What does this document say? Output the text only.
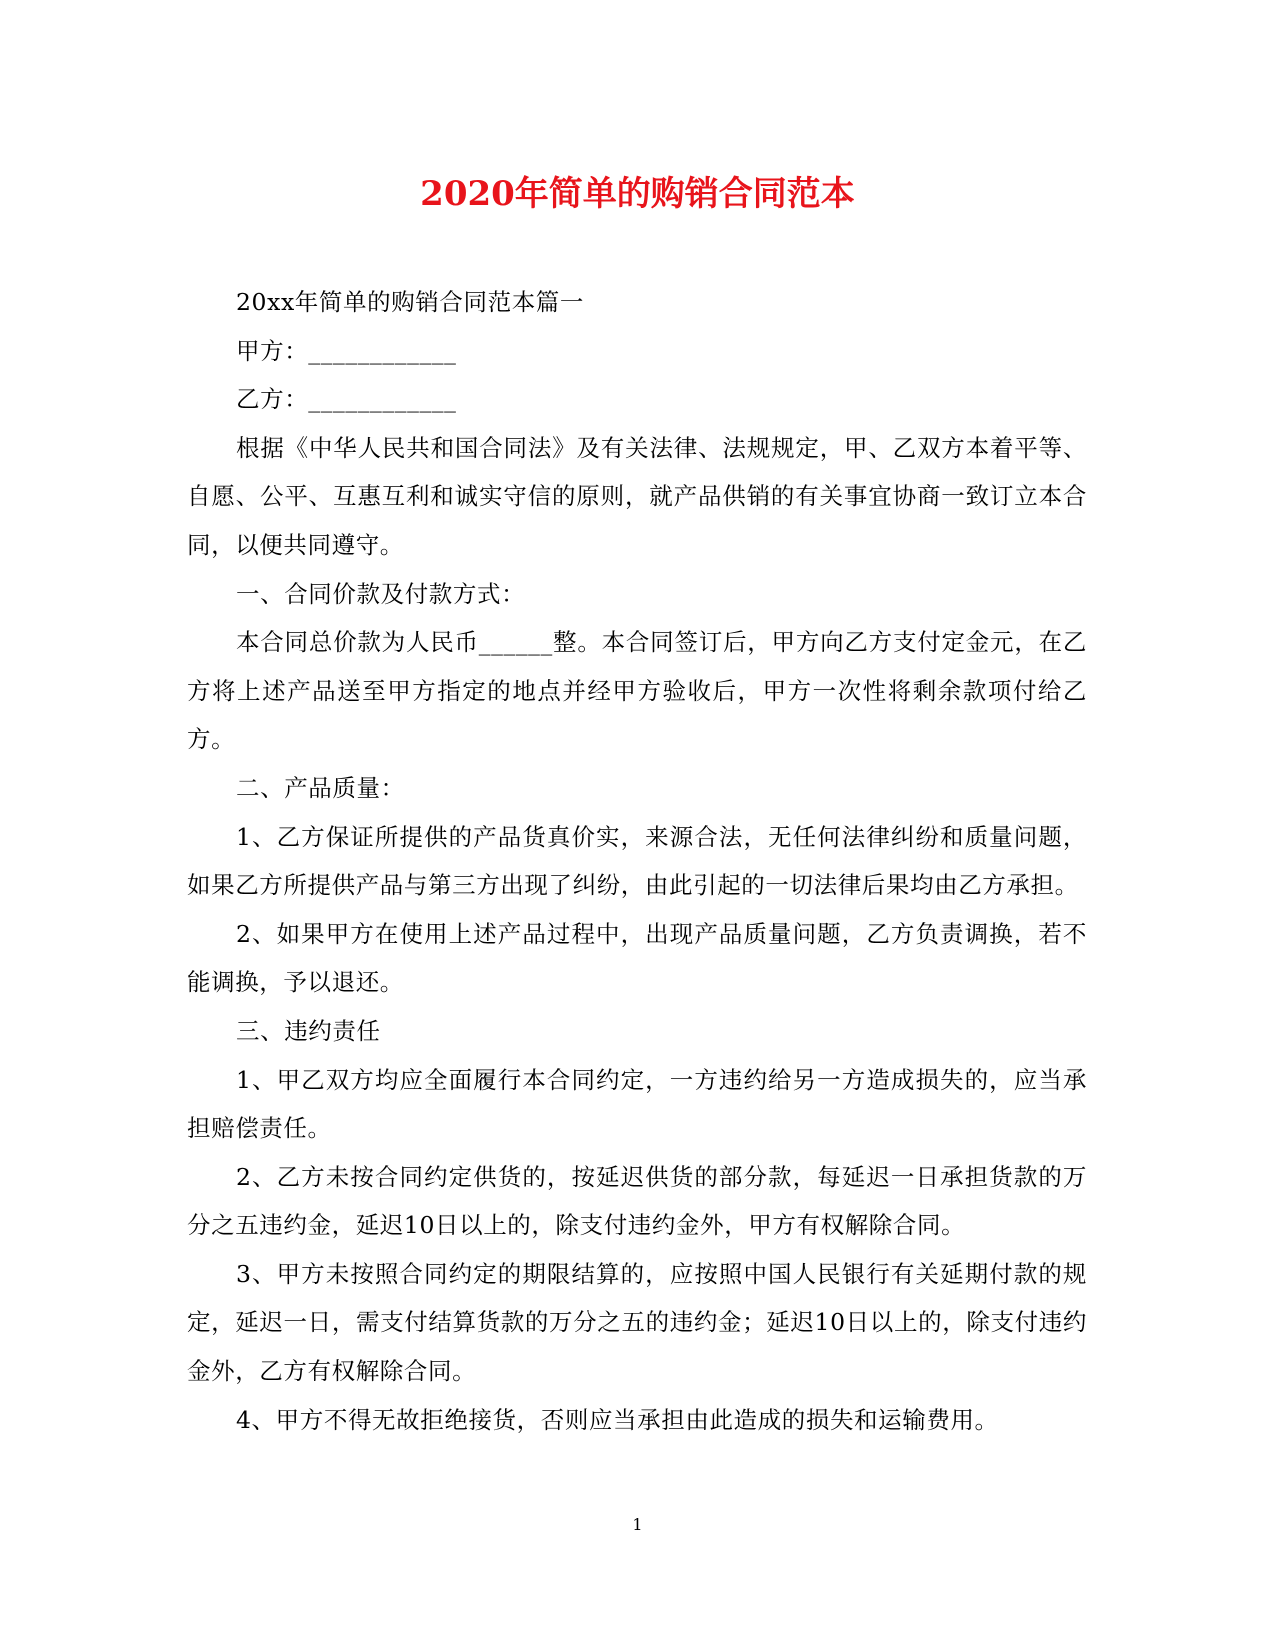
2020年简单的购销合同范本

20xx年简单的购销合同范本篇一

甲方：____________

乙方：____________

根据《中华人民共和国合同法》及有关法律、法规规定，甲、乙双方本着平等、自愿、公平、互惠互利和诚实守信的原则，就产品供销的有关事宜协商一致订立本合同，以便共同遵守。

一、合同价款及付款方式：

本合同总价款为人民币______整。本合同签订后，甲方向乙方支付定金元，在乙方将上述产品送至甲方指定的地点并经甲方验收后，甲方一次性将剩余款项付给乙方。

二、产品质量：

1、乙方保证所提供的产品货真价实，来源合法，无任何法律纠纷和质量问题，如果乙方所提供产品与第三方出现了纠纷，由此引起的一切法律后果均由乙方承担。

2、如果甲方在使用上述产品过程中，出现产品质量问题，乙方负责调换，若不能调换，予以退还。

三、违约责任

1、甲乙双方均应全面履行本合同约定，一方违约给另一方造成损失的，应当承担赔偿责任。

2、乙方未按合同约定供货的，按延迟供货的部分款，每延迟一日承担货款的万分之五违约金，延迟10日以上的，除支付违约金外，甲方有权解除合同。

3、甲方未按照合同约定的期限结算的，应按照中国人民银行有关延期付款的规定，延迟一日，需支付结算货款的万分之五的违约金；延迟10日以上的，除支付违约金外，乙方有权解除合同。

4、甲方不得无故拒绝接货，否则应当承担由此造成的损失和运输费用。

1
